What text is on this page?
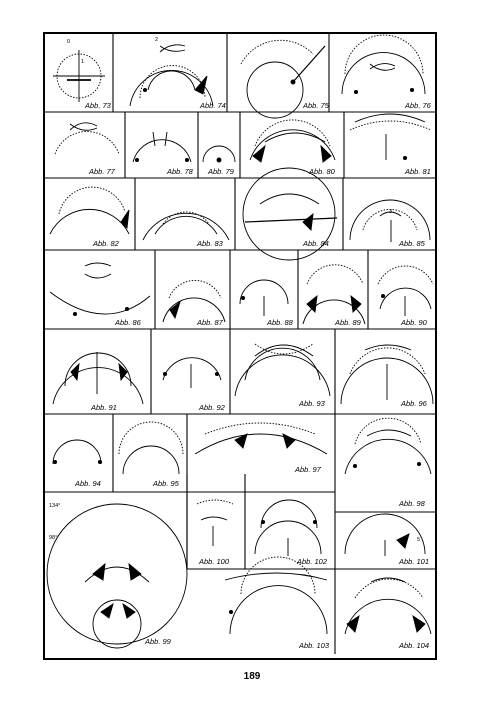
Abb. 73	Abb. 74	Abb. 75	Abb. 76
Abb. 77	Abb. 78 Abb. 79	Abb. 80	Abb. 81
Abb. 82	Abb. 83	Abb. 84	Abb. 85
Abb. 86	Abb. 87	Abb. 88	Abb. 89	Abb. 90
Abb. 91	Abb. 92	Abb. 93	Abb. 96
Abb. 94	Abb. 95
Abb. 97
Abb. 98
Abb. 99
Abb. 100	Abb. 102	Abb. 101
Abb. 103	Abb. 104
134°
98°
0
1
2
5
3
189
